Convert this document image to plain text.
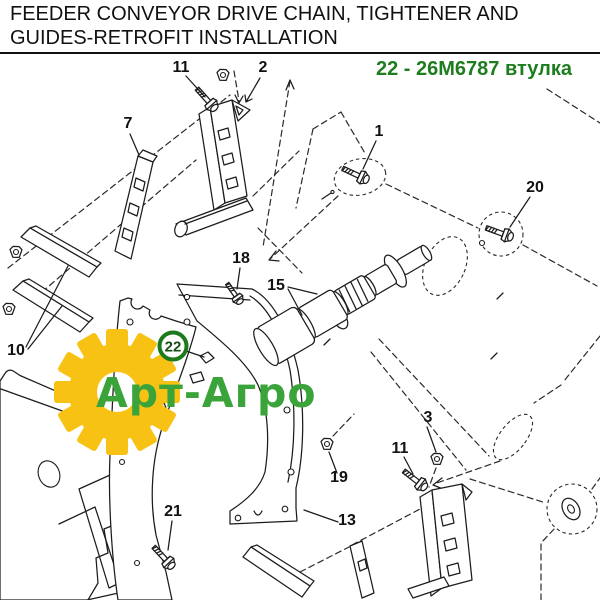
Арт-Агро
22
11	2
7	1
20
18
15
10
3
11
19
13
21
FEEDER CONVEYOR DRIVE CHAIN, TIGHTENER AND
GUIDES-RETROFIT INSTALLATION
22 - 26M6787 втулка
